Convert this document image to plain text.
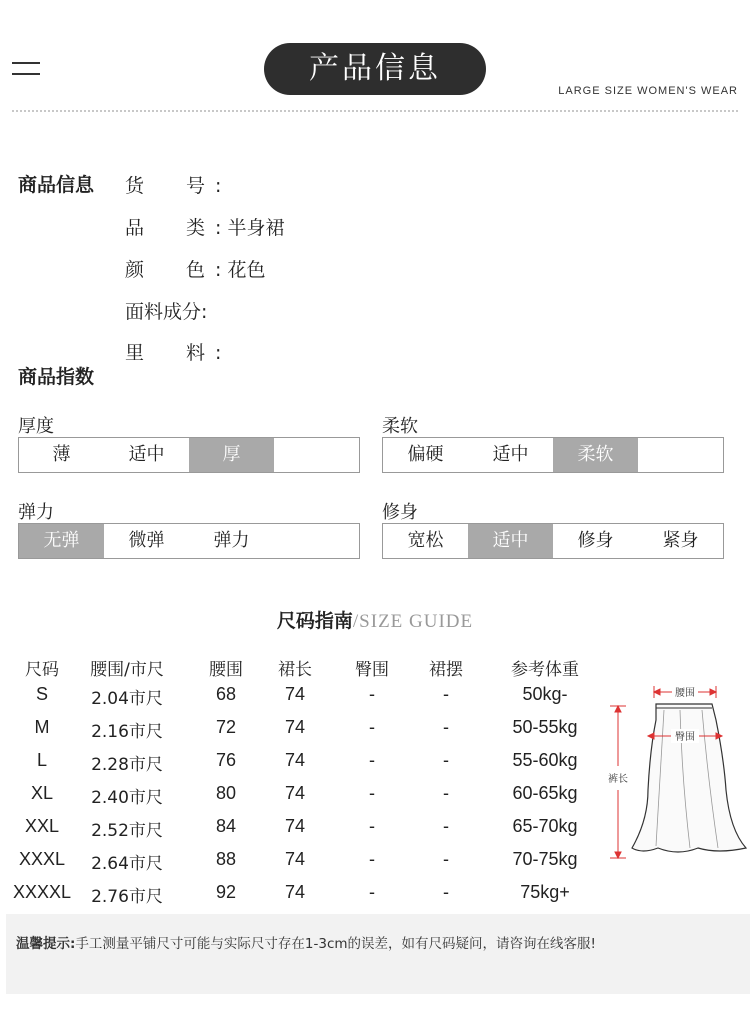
产品信息
LARGE SIZE WOMEN'S WEAR
商品信息 货 号 :
品 类 : 半身裙
颜 色 : 花色
面料成分:
里 料 :
商品指数
厚度
薄	适中	厚
柔软
偏硬	适中	柔软
弹力
无弹	微弹	弹力
修身
宽松	适中	修身	紧身
尺码指南/SIZE GUIDE
尺码	腰围/市尺	腰围	裙长	臀围	裙摆	参考体重
S	2.04市尺	68	74	-	-	50kg-
M	2.16市尺	72	74	-	-	50-55kg
L	2.28市尺	76	74	-	-	55-60kg
XL	2.40市尺	80	74	-	-	60-65kg
XXL	2.52市尺	84	74	-	-	65-70kg
XXXL	2.64市尺	88	74	-	-	70-75kg
XXXXL	2.76市尺	92	74	-	-	75kg+
腰围
臀围
裤长
温馨提示:手工测量平铺尺寸可能与实际尺寸存在1-3cm的误差，如有尺码疑问，请咨询在线客服!
